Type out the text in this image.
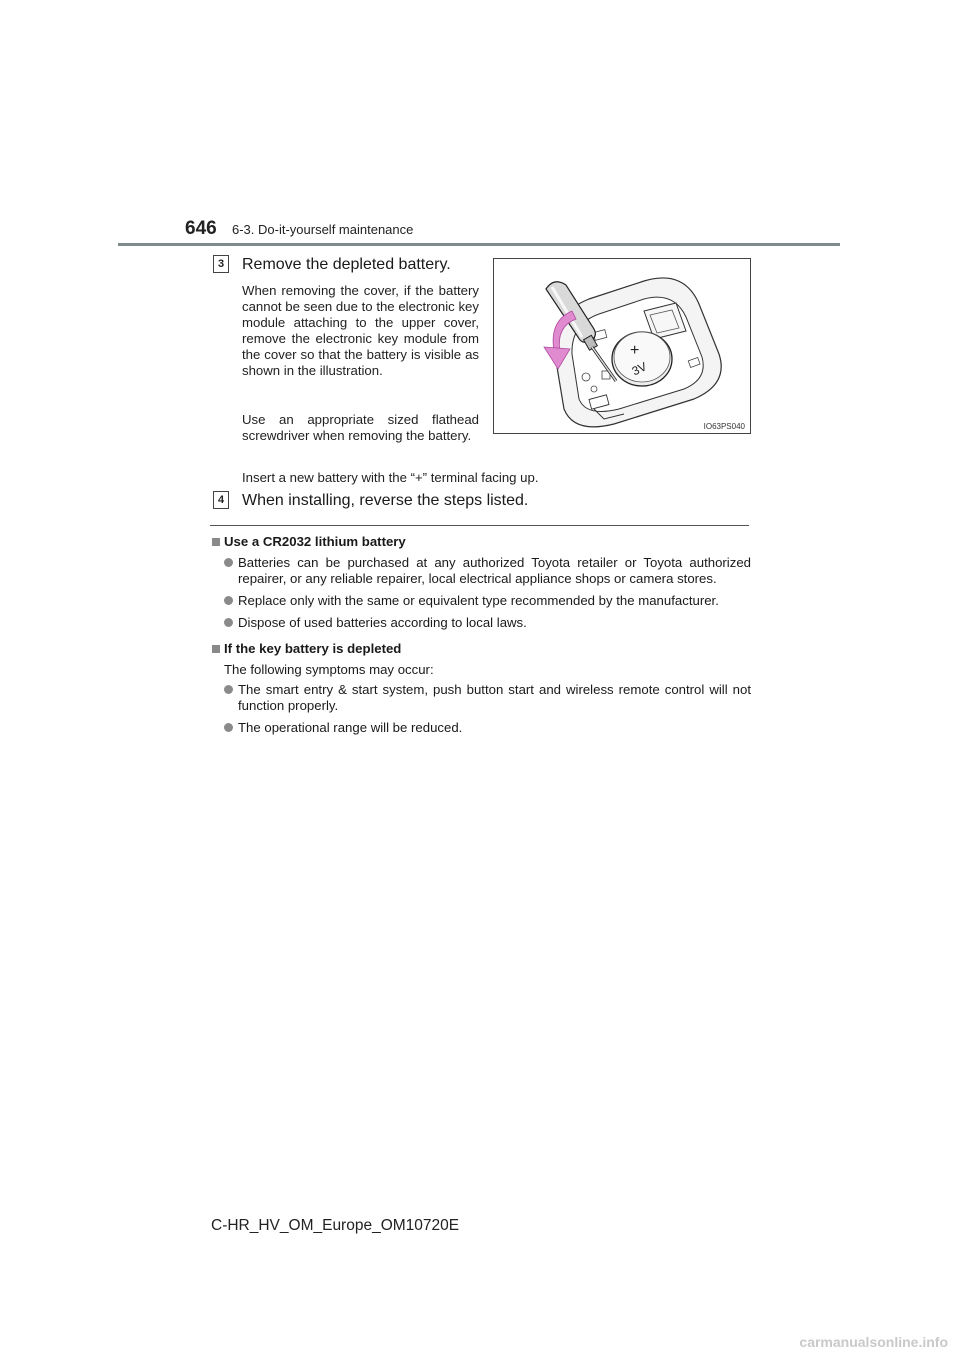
646 6-3. Do-it-yourself maintenance
3	Remove the depleted battery.
When removing the cover, if the battery cannot be seen due to the electronic key module attaching to the upper cover, remove the electronic key module from the cover so that the battery is visible as shown in the illustration.
Use an appropriate sized flathead screwdriver when removing the battery.
Insert a new battery with the “+” terminal facing up.
+
3V
IO63PS040
4	When installing, reverse the steps listed.
Use a CR2032 lithium battery
Batteries can be purchased at any authorized Toyota retailer or Toyota authorized repairer, or any reliable repairer, local electrical appliance shops or camera stores.
Replace only with the same or equivalent type recommended by the manufacturer.
Dispose of used batteries according to local laws.
If the key battery is depleted
The following symptoms may occur:
The smart entry & start system, push button start and wireless remote control will not function properly.
The operational range will be reduced.
C-HR_HV_OM_Europe_OM10720E
carmanualsonline.info
